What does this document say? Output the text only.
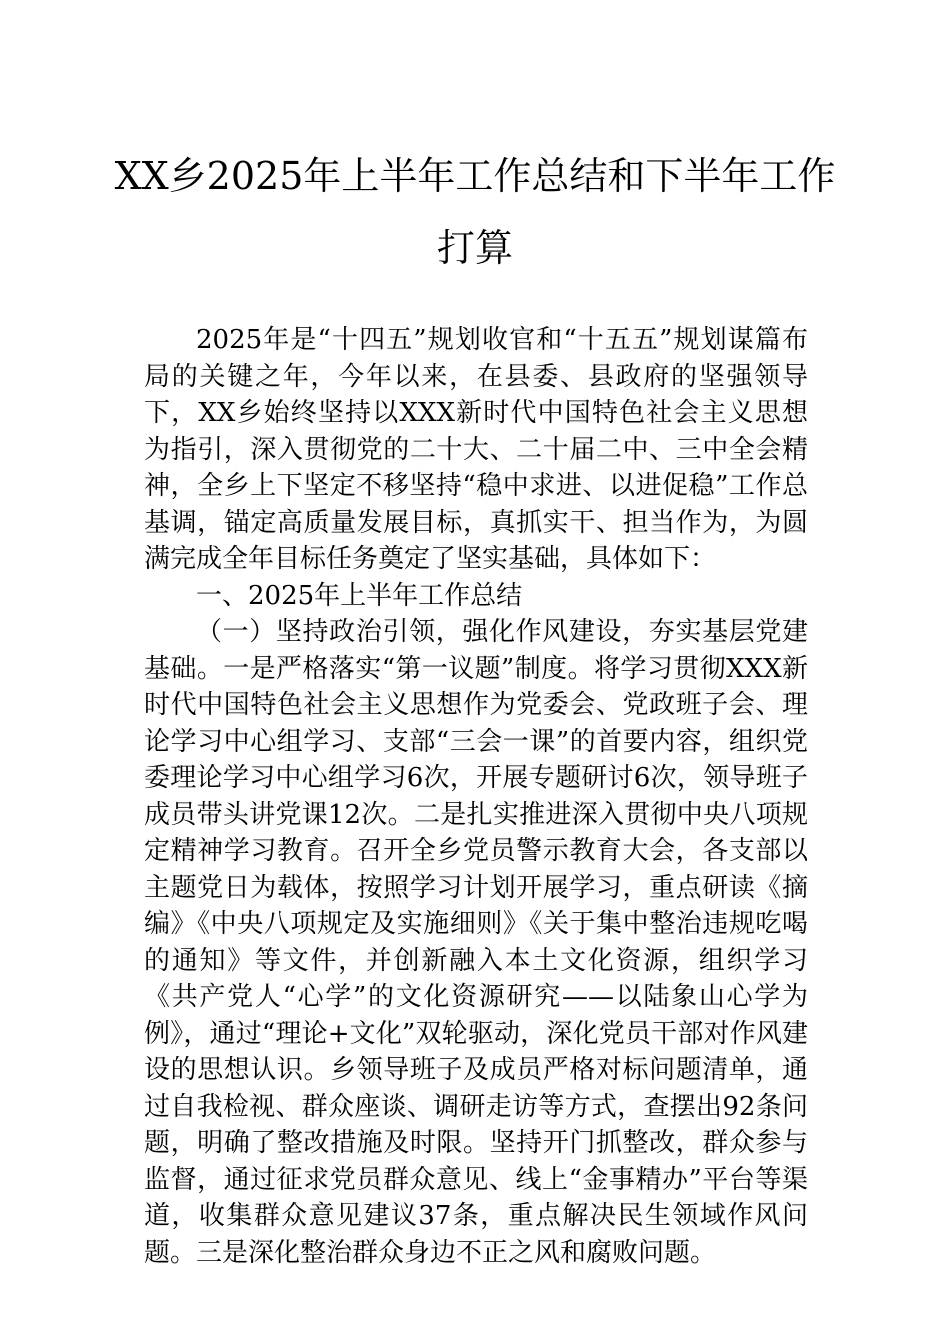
XX乡2025年上半年工作总结和下半年工作打算

2025年是“十四五”规划收官和“十五五”规划谋篇布局的关键之年，今年以来，在县委、县政府的坚强领导下，XX乡始终坚持以XXX新时代中国特色社会主义思想为指引，深入贯彻党的二十大、二十届二中、三中全会精神，全乡上下坚定不移坚持“稳中求进、以进促稳”工作总基调，锚定高质量发展目标，真抓实干、担当作为，为圆满完成全年目标任务奠定了坚实基础，具体如下：

一、2025年上半年工作总结

（一）坚持政治引领，强化作风建设，夯实基层党建基础。一是严格落实“第一议题”制度。将学习贯彻XXX新时代中国特色社会主义思想作为党委会、党政班子会、理论学习中心组学习、支部“三会一课”的首要内容，组织党委理论学习中心组学习6次，开展专题研讨6次，领导班子成员带头讲党课12次。二是扎实推进深入贯彻中央八项规定精神学习教育。召开全乡党员警示教育大会，各支部以主题党日为载体，按照学习计划开展学习，重点研读《摘编》《中央八项规定及实施细则》《关于集中整治违规吃喝的通知》等文件，并创新融入本土文化资源，组织学习《共产党人“心学”的文化资源研究——以陆象山心学为例》，通过“理论+文化”双轮驱动，深化党员干部对作风建设的思想认识。乡领导班子及成员严格对标问题清单，通过自我检视、群众座谈、调研走访等方式，查摆出92条问题，明确了整改措施及时限。坚持开门抓整改，群众参与监督，通过征求党员群众意见、线上“金事精办”平台等渠道，收集群众意见建议37条，重点解决民生领域作风问题。三是深化整治群众身边不正之风和腐败问题。
